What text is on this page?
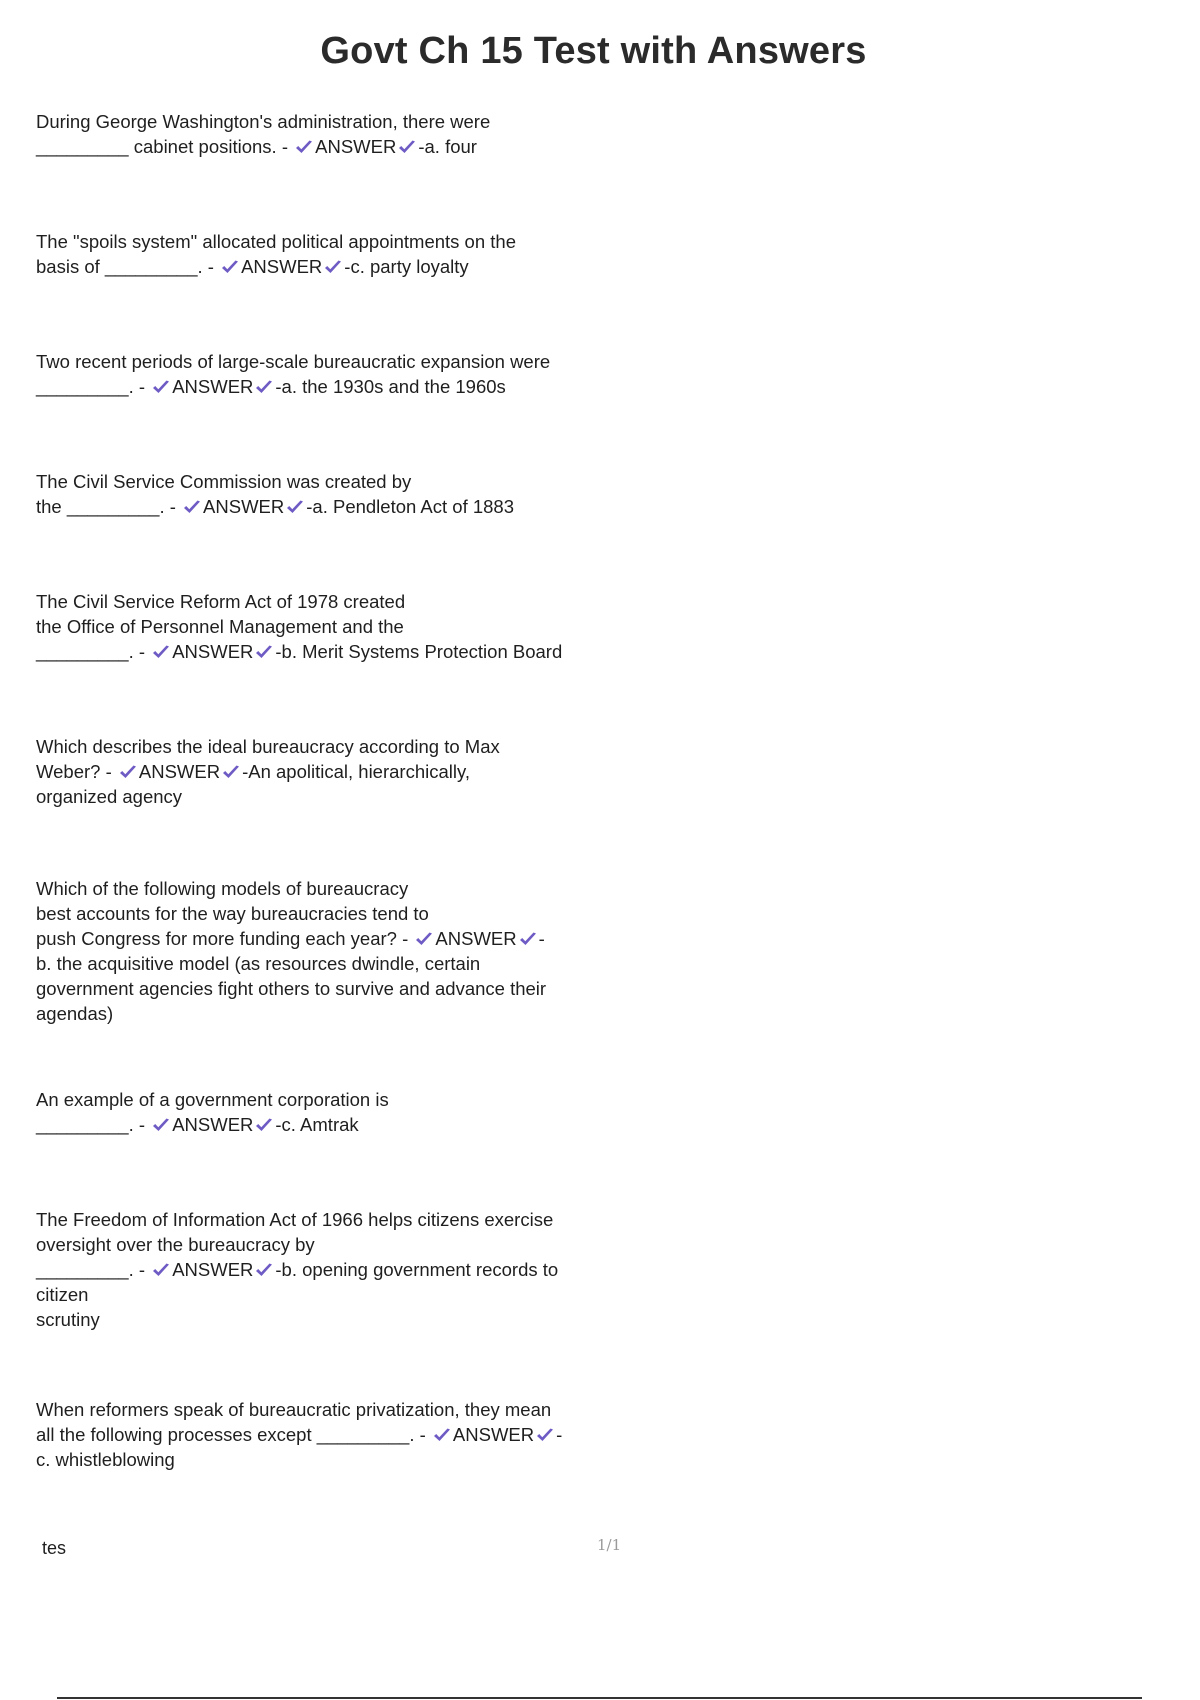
Govt Ch 15 Test with Answers
During George Washington's administration, there were
_________ cabinet positions. -
ANSWER -a. four
The "spoils system" allocated political appointments on the
basis of _________. -
ANSWER -c. party loyalty
Two recent periods of large-scale bureaucratic expansion were
_________. -
ANSWER -a. the 1930s and the 1960s
The Civil Service Commission was created by
the _________. -
ANSWER -a. Pendleton Act of 1883
The Civil Service Reform Act of 1978 created
the Office of Personnel Management and the
_________. -
ANSWER -b. Merit Systems Protection Board
Which describes the ideal bureaucracy according to Max
Weber? -
ANSWER -An apolitical, hierarchically,
organized agency
Which of the following models of bureaucracy
best accounts for the way bureaucracies tend to
push Congress for more funding each year? -
ANSWER -
b. the acquisitive model (as resources dwindle, certain
government agencies fight others to survive and advance their
agendas)
An example of a government corporation is
_________. -
ANSWER -c. Amtrak
The Freedom of Information Act of 1966 helps citizens exercise
oversight over the bureaucracy by
_________. -
ANSWER -b. opening government records to
citizen
scrutiny
When reformers speak of bureaucratic privatization, they mean
all the following processes except _________. -
ANSWER -
c. whistleblowing
tes	1/1
